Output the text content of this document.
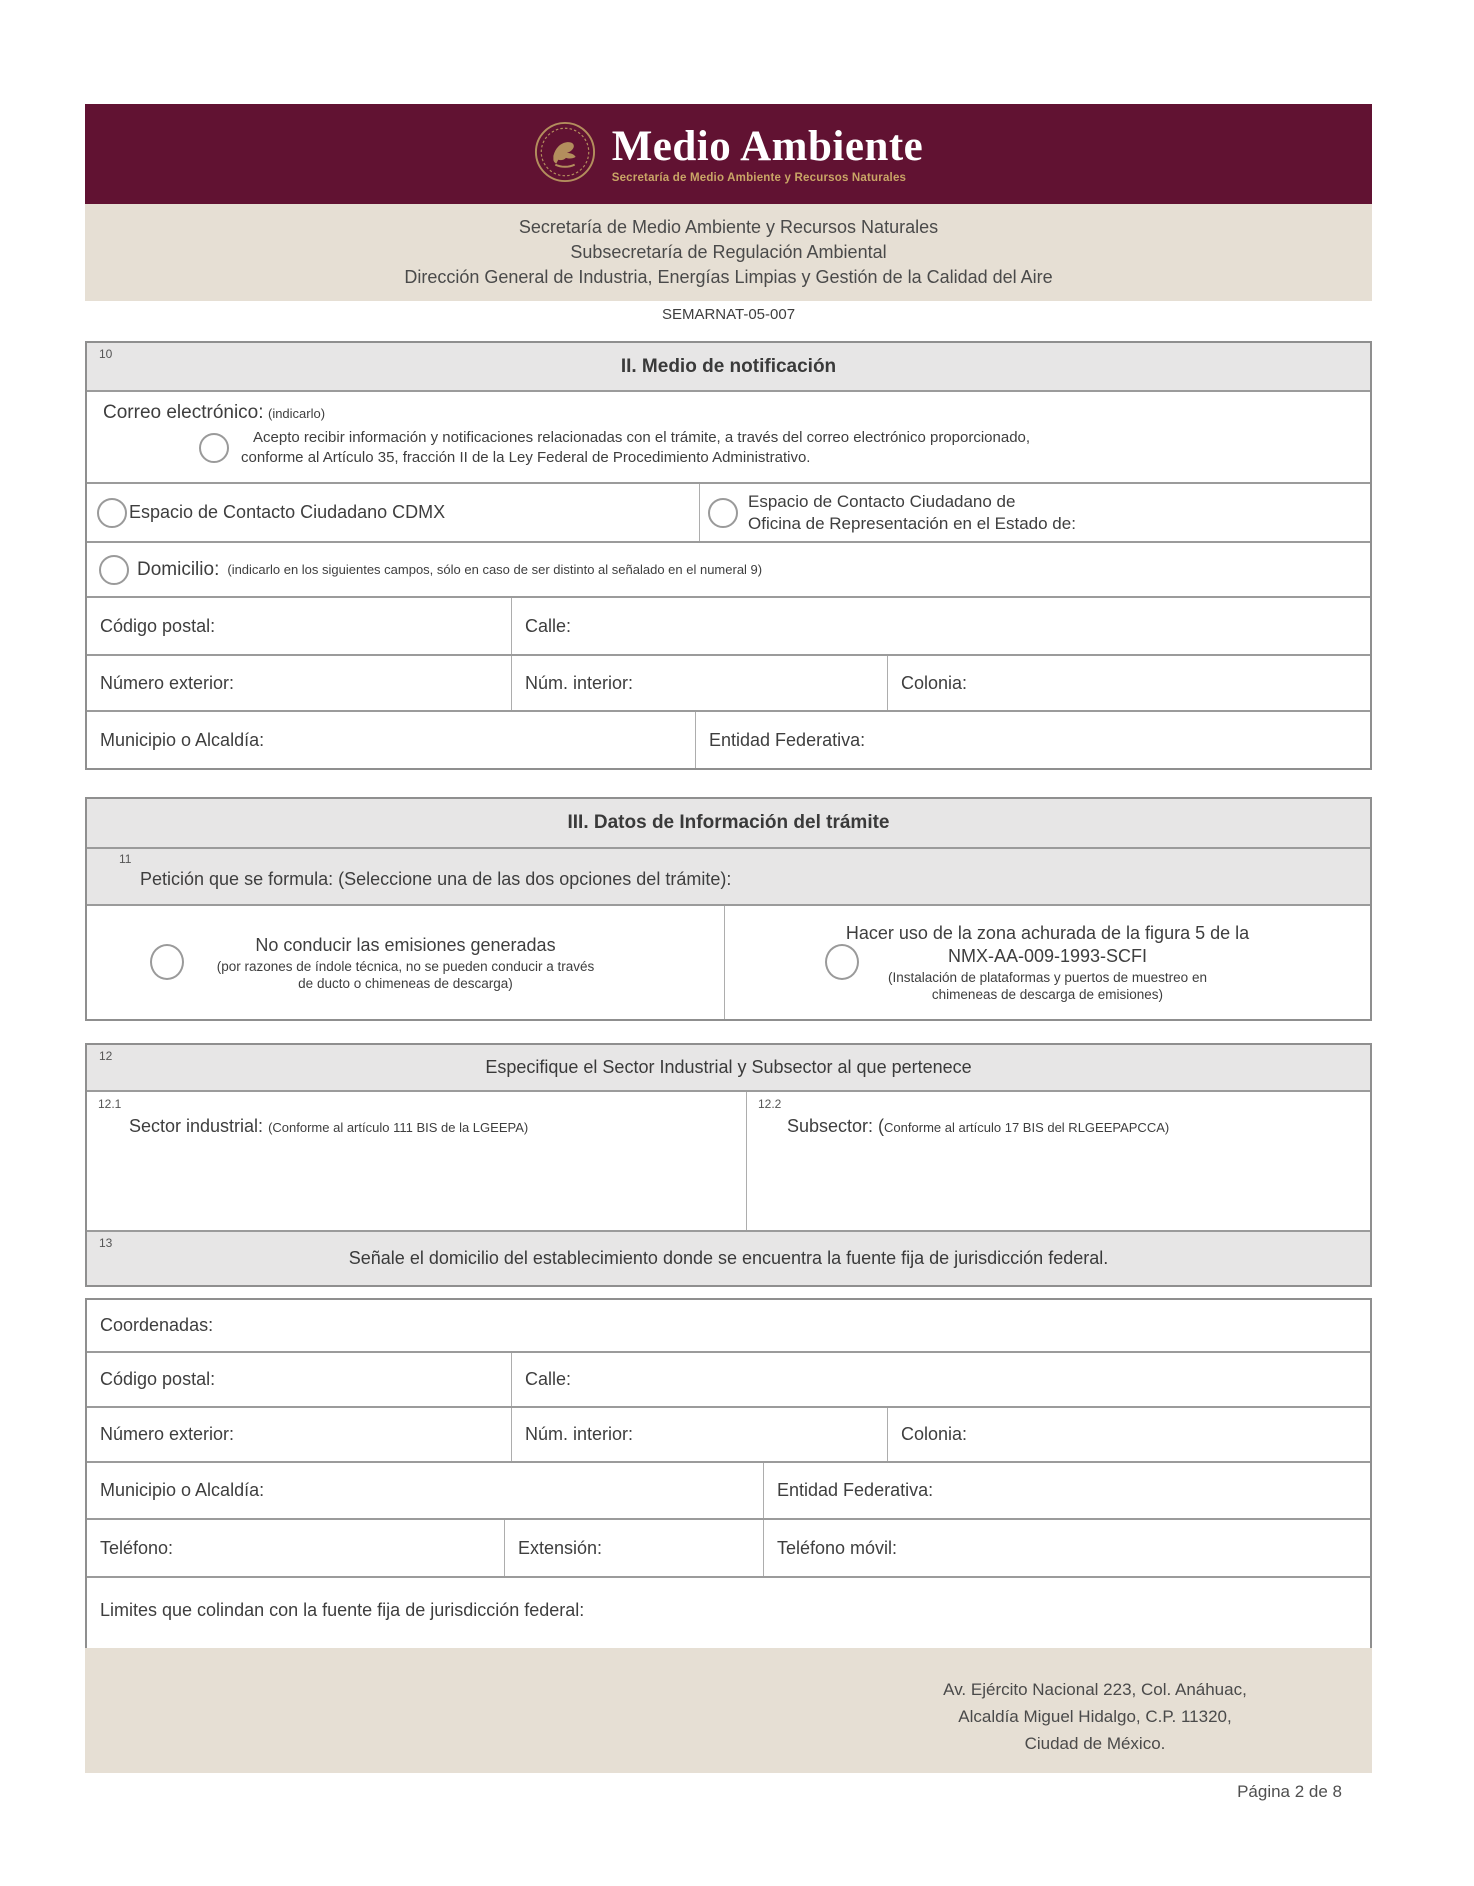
Medio Ambiente
Secretaría de Medio Ambiente y Recursos Naturales
Secretaría de Medio Ambiente y Recursos Naturales
Subsecretaría de Regulación Ambiental
Dirección General de Industria, Energías Limpias y Gestión de la Calidad del Aire
SEMARNAT-05-007
10
II. Medio de notificación
Correo electrónico: (indicarlo)
Acepto recibir información y notificaciones relacionadas con el trámite, a través del correo electrónico proporcionado,
conforme al Artículo 35, fracción II de la Ley Federal de Procedimiento Administrativo.
Espacio de Contacto Ciudadano CDMX
Espacio de Contacto Ciudadano de
Oficina de Representación en el Estado de:
Domicilio: (indicarlo en los siguientes campos, sólo en caso de ser distinto al señalado en el numeral 9)
Código postal:	Calle:
Número exterior:	Núm. interior:	Colonia:
Municipio o Alcaldía:	Entidad Federativa:
III. Datos de Información del trámite
11
Petición que se formula: (Seleccione una de las dos opciones del trámite):
No conducir las emisiones generadas
(por razones de índole técnica, no se pueden conducir a través
de ducto o chimeneas de descarga)
Hacer uso de la zona achurada de la figura 5 de la
NMX-AA-009-1993-SCFI
(Instalación de plataformas y puertos de muestreo en
chimeneas de descarga de emisiones)
12
Especifique el Sector Industrial y Subsector al que pertenece
12.1
Sector industrial: (Conforme al artículo 111 BIS de la LGEEPA)
12.2
Subsector: (Conforme al artículo 17 BIS del RLGEEPAPCCA)
13
Señale el domicilio del establecimiento donde se encuentra la fuente fija de jurisdicción federal.
Coordenadas:
Código postal:	Calle:
Número exterior:	Núm. interior:	Colonia:
Municipio o Alcaldía:	Entidad Federativa:
Teléfono:	Extensión:	Teléfono móvil:
Limites que colindan con la fuente fija de jurisdicción federal:
Av. Ejército Nacional 223, Col. Anáhuac,
Alcaldía Miguel Hidalgo, C.P. 11320,
Ciudad de México.
Página 2 de 8
